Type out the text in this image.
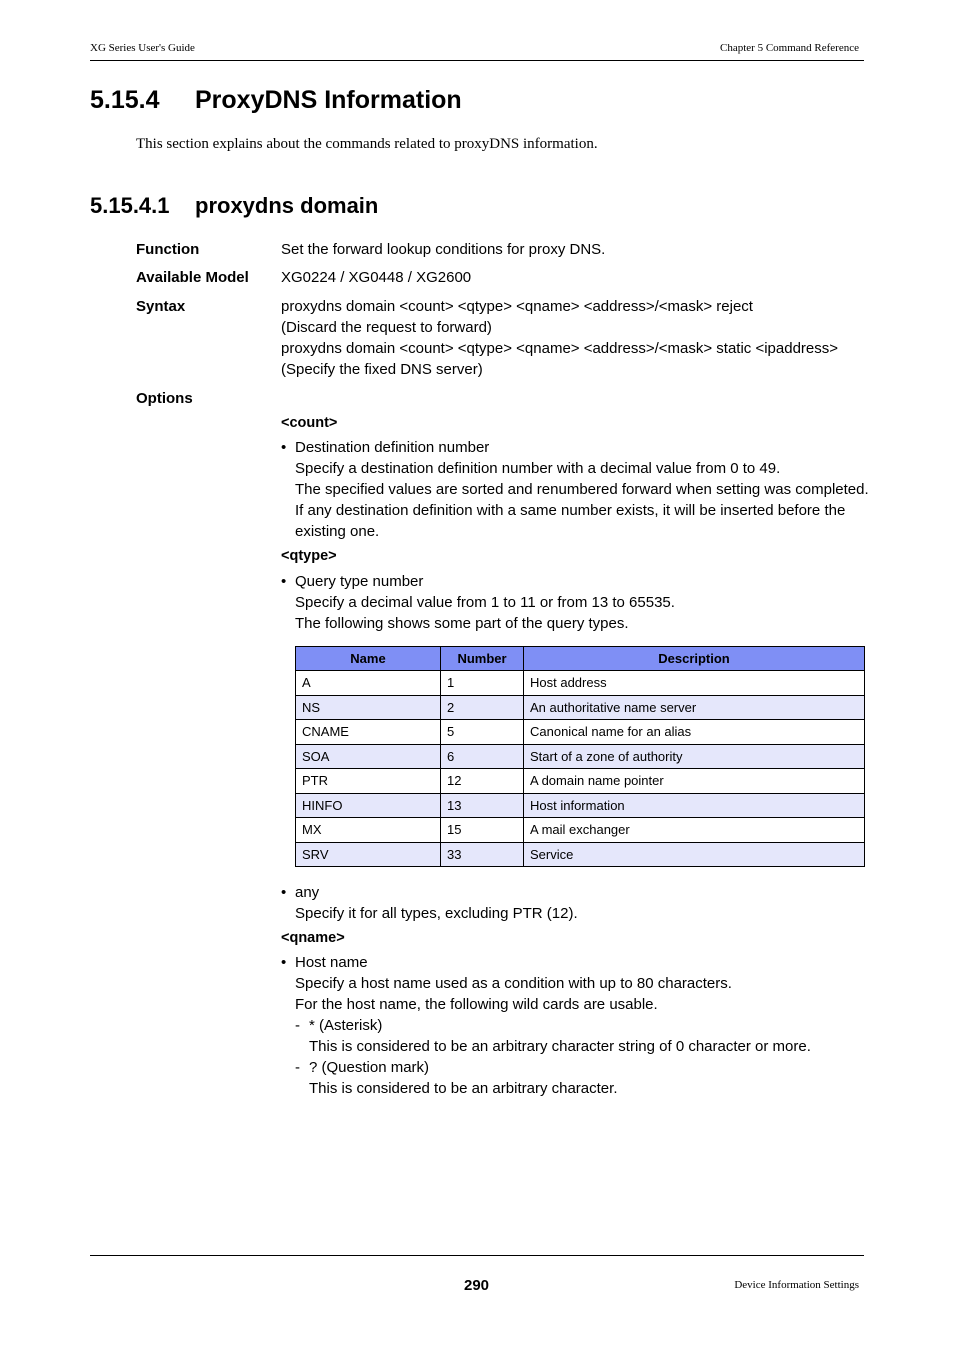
XG Series User's Guide	Chapter 5 Command Reference
5.15.4 ProxyDNS Information
This section explains about the commands related to proxyDNS information.
5.15.4.1 proxydns domain
Function	Set the forward lookup conditions for proxy DNS.
Available Model XG0224 / XG0448 / XG2600
Syntax	proxydns domain <count> <qtype> <qname> <address>/<mask> reject
(Discard the request to forward)
proxydns domain <count> <qtype> <qname> <address>/<mask> static <ipaddress>
(Specify the fixed DNS server)
Options
<count>
• Destination definition number
Specify a destination definition number with a decimal value from 0 to 49.
The specified values are sorted and renumbered forward when setting was completed.
If any destination definition with a same number exists, it will be inserted before the
existing one.
<qtype>
• Query type number
Specify a decimal value from 1 to 11 or from 13 to 65535.
The following shows some part of the query types.
Name	Number	Description
A	1	Host address
NS	2	An authoritative name server
CNAME	5	Canonical name for an alias
SOA	6	Start of a zone of authority
PTR	12	A domain name pointer
HINFO	13	Host information
MX	15	A mail exchanger
SRV	33	Service
• any
Specify it for all types, excluding PTR (12).
<qname>
• Host name
Specify a host name used as a condition with up to 80 characters.
For the host name, the following wild cards are usable.
- * (Asterisk)
This is considered to be an arbitrary character string of 0 character or more.
- ? (Question mark)
This is considered to be an arbitrary character.
290	Device Information Settings
